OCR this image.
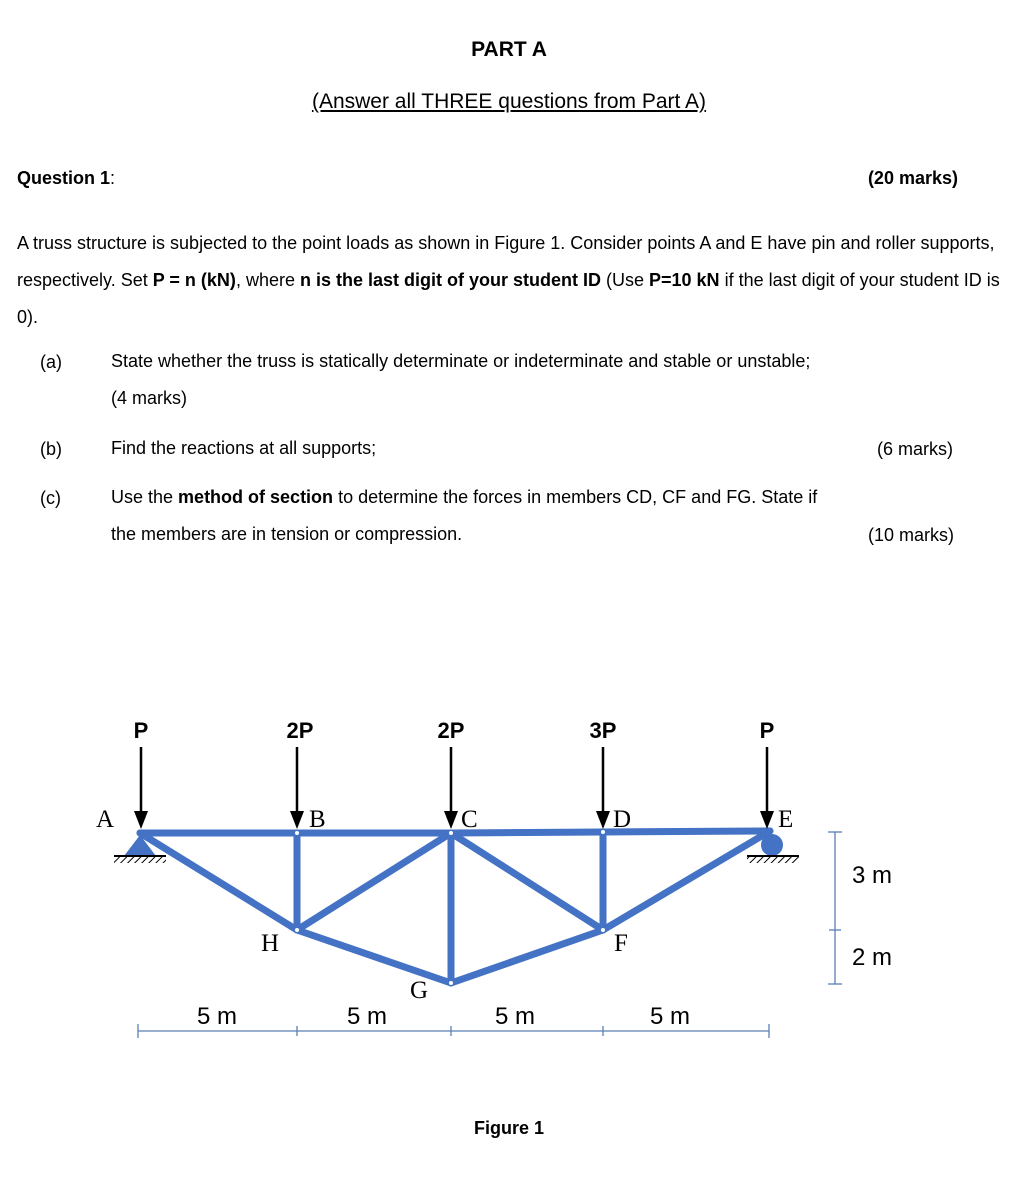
PART A
(Answer all THREE questions from Part A)
Question 1:	(20 marks)
A truss structure is subjected to the point loads as shown in Figure 1. Consider points A and E have pin and roller supports, respectively. Set P = n (kN), where n is the last digit of your student ID (Use P=10 kN if the last digit of your student ID is 0).
(a)	State whether the truss is statically determinate or indeterminate and stable or unstable;
(4 marks)
(b)	Find the reactions at all supports;	(6 marks)
(c)	Use the method of section to determine the forces in members CD, CF and FG. State if
the members are in tension or compression.	(10 marks)
P	2P	2P	3P	P
A	B	C	D	E
H	F
G
5 m	5 m	5 m	5 m
3 m
2 m
Figure 1
